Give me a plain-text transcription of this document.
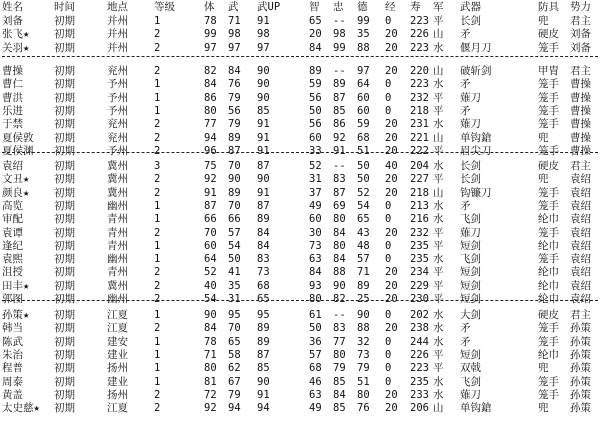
姓名	时间	地点 等级	体 武 武UP	智 忠 德 经 寿 军 武器	防具 势力
刘备	初期	并州 1	78 71 91	65 -- 99 0 223 平 长剑	兜 君主
张飞★ 初期	并州 2	99 98 98	20 98 35 20 226 山 矛	硬皮 刘备
关羽★ 初期	并州 2	97 97 97	84 99 88 20 223 水 偃月刀	笼手 刘备
曹操	初期	兖州 2	82 84 90	89 -- 97 20 220 山 破斩剑	甲胄 君主
曹仁	初期	予州 1	84 76 90	59 89 64 0 223 水 矛	笼手 曹操
曹洪	初期	予州 1	86 79 90	56 87 60 0 232 平 薙刀	笼手 曹操
乐进	初期	予州 1	80 56 85	50 85 60 0 218 平 矛	笼手 曹操
于禁	初期	兖州 2	77 79 91	56 86 59 20 231 水 薙刀	笼手 曹操
夏侯敦 初期	兖州 2	94 89 91	60 92 68 20 221 山 单钩鎗	兜 曹操
夏侯渊 初期	予州 2	96 87 91	33 91 51 20 222 平 眉尖刀	笼手 曹操
袁绍	初期	冀州 3	75 70 87	52 -- 50 40 204 水 长剑	硬皮 君主
文丑★ 初期	冀州 2	92 90 90	31 83 50 20 227 平 长剑	兜 袁绍
颜良★ 初期	冀州 2	91 89 91	37 87 52 20 218 山 钩镰刀	笼手 袁绍
高览	初期	幽州 1	87 70 87	49 69 54 0 213 水 矛	笼手 袁绍
审配	初期	青州 1	66 66 89	60 80 65 0 216 水 飞剑	纶巾 袁绍
袁谭	初期	青州 2	70 57 84	30 84 43 20 232 平 薙刀	笼手 袁绍
逢纪	初期	青州 1	60 54 84	73 80 48 0 235 平 短剑	纶巾 袁绍
袁熙	初期	幽州 1	64 50 83	63 84 57 0 235 水 飞剑	笼手 袁绍
沮授	初期	青州 2	52 41 73	84 88 71 20 234 平 短剑	纶巾 袁绍
田丰★ 初期	冀州 2	40 35 68	93 90 89 20 229 平 短剑	纶巾 袁绍
郭图	初期	幽州 2	54 31 65	80 82 25 20 230 平 短剑	纶巾 袁绍
孙策★ 初期	江夏 1	90 95 95	61 -- 90 0 202 水 大剑	硬皮 君主
韩当	初期	江夏 2	84 70 89	50 83 88 20 238 水 矛	笼手 孙策
陈武	初期	建安 1	78 65 89	36 77 32 0 244 水 矛	笼手 孙策
朱治	初期	建业 1	71 58 87	57 80 73 0 226 平 短剑	纶巾 孙策
程普	初期	扬州 1	80 62 85	68 79 79 0 223 平 双戟	兜 孙策
周泰	初期	建业 1	81 67 90	46 85 51 0 235 水 飞剑	笼手 孙策
黄盖	初期	扬州 2	72 79 91	63 84 80 20 233 水 薙刀	笼手 孙策
太史慈★ 初期	江夏 2	92 94 94	49 85 76 20 206 山 单钩鎗	兜 孙策
